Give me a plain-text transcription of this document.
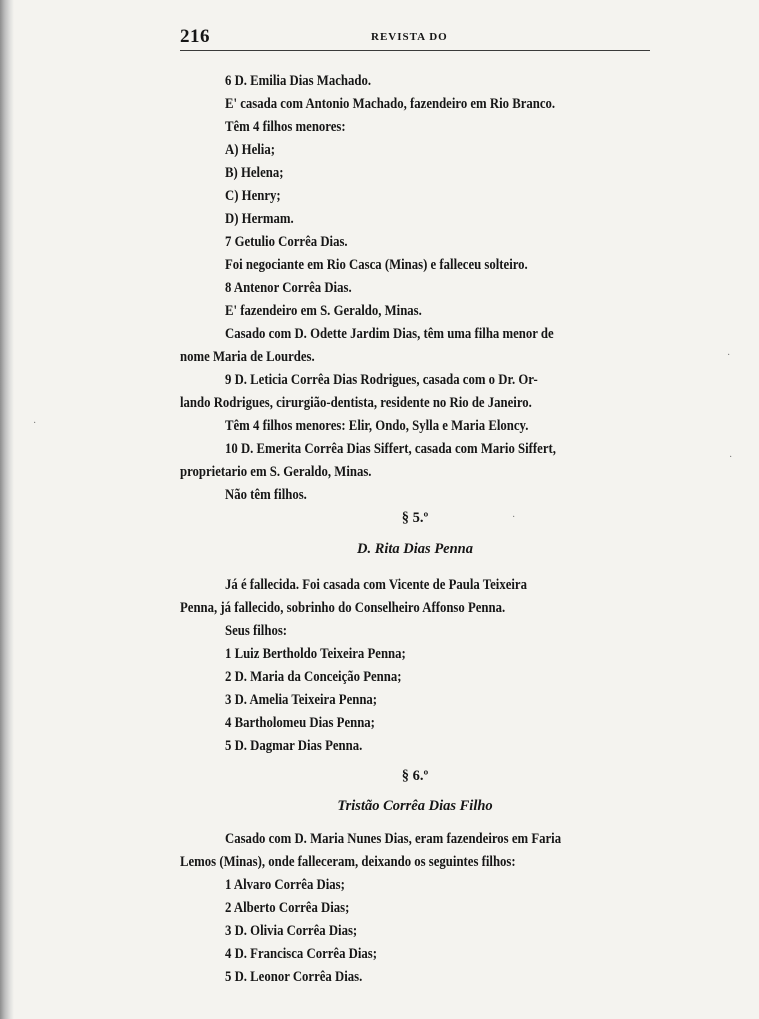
216	REVISTA DO
6 D. Emilia Dias Machado.
E' casada com Antonio Machado, fazendeiro em Rio Branco.
Têm 4 filhos menores:
A) Helia;
B) Helena;
C) Henry;
D) Hermam.
7 Getulio Corrêa Dias.
Foi negociante em Rio Casca (Minas) e falleceu solteiro.
8 Antenor Corrêa Dias.
E' fazendeiro em S. Geraldo, Minas.
Casado com D. Odette Jardim Dias, têm uma filha menor de
nome Maria de Lourdes.
9 D. Leticia Corrêa Dias Rodrigues, casada com o Dr. Or-
lando Rodrigues, cirurgião-dentista, residente no Rio de Janeiro.
Têm 4 filhos menores: Elir, Ondo, Sylla e Maria Eloncy.
10 D. Emerita Corrêa Dias Siffert, casada com Mario Siffert,
proprietario em S. Geraldo, Minas.
Não têm filhos.
§ 5.º
D. Rita Dias Penna
Já é fallecida. Foi casada com Vicente de Paula Teixeira
Penna, já fallecido, sobrinho do Conselheiro Affonso Penna.
Seus filhos:
1 Luiz Bertholdo Teixeira Penna;
2 D. Maria da Conceição Penna;
3 D. Amelia Teixeira Penna;
4 Bartholomeu Dias Penna;
5 D. Dagmar Dias Penna.
§ 6.º
Tristão Corrêa Dias Filho
Casado com D. Maria Nunes Dias, eram fazendeiros em Faria
Lemos (Minas), onde falleceram, deixando os seguintes filhos:
1 Alvaro Corrêa Dias;
2 Alberto Corrêa Dias;
3 D. Olivia Corrêa Dias;
4 D. Francisca Corrêa Dias;
5 D. Leonor Corrêa Dias.
·
·
·
·
